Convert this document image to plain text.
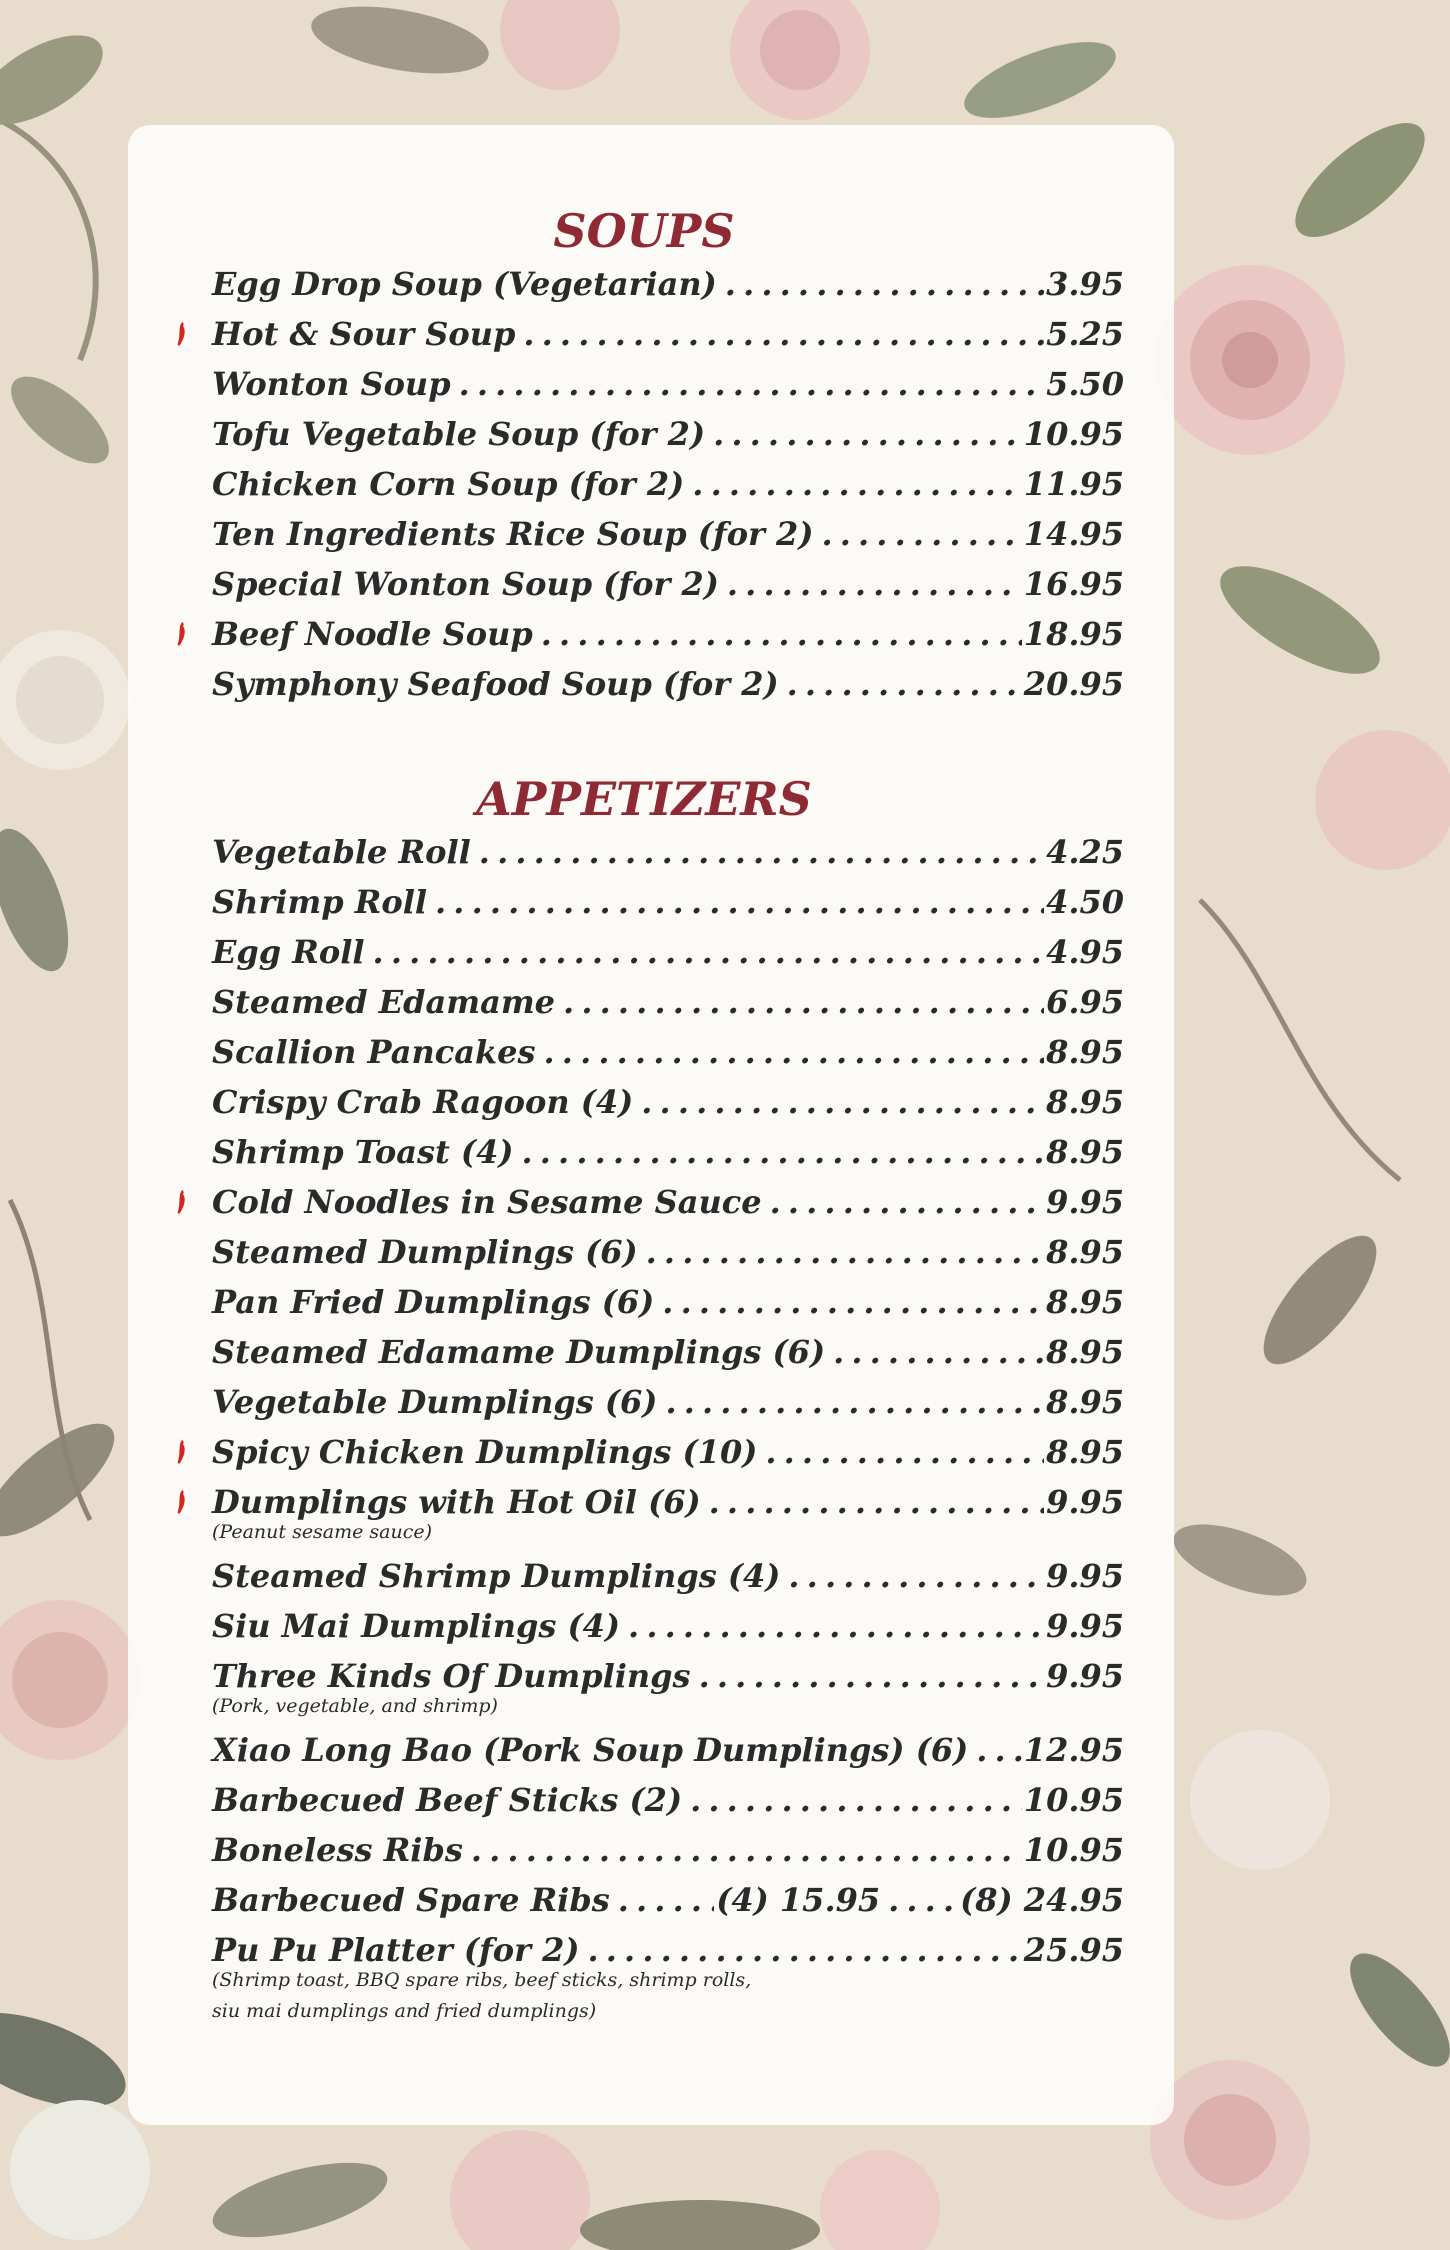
SOUPS
Egg Drop Soup (Vegetarian) . . .	3.95
Hot & Sour Soup . . .	5.25
Wonton Soup . . .	5.50
Tofu Vegetable Soup (for 2) . . .	10.95
Chicken Corn Soup (for 2) . . .	11.95
Ten Ingredients Rice Soup (for 2) . . .	14.95
Special Wonton Soup (for 2) . . .	16.95
Beef Noodle Soup . . .	18.95
Symphony Seafood Soup (for 2) . . .	20.95
APPETIZERS
Vegetable Roll . . .	4.25
Shrimp Roll . . .	4.50
Egg Roll . . .	4.95
Steamed Edamame . . .	6.95
Scallion Pancakes . . .	8.95
Crispy Crab Ragoon (4) . . .	8.95
Shrimp Toast (4) . . .	8.95
Cold Noodles in Sesame Sauce . . .	9.95
Steamed Dumplings (6) . . .	8.95
Pan Fried Dumplings (6) . . .	8.95
Steamed Edamame Dumplings (6) . . .	8.95
Vegetable Dumplings (6) . . .	8.95
Spicy Chicken Dumplings (10) . . .	8.95
Dumplings with Hot Oil (6) . . .	9.95
(Peanut sesame sauce)
Steamed Shrimp Dumplings (4) . . .	9.95
Siu Mai Dumplings (4) . . .	9.95
Three Kinds Of Dumplings . . .	9.95
(Pork, vegetable, and shrimp)
Xiao Long Bao (Pork Soup Dumplings) (6) . . . 12.95
Barbecued Beef Sticks (2) . . .	10.95
Boneless Ribs . . .	10.95
Barbecued Spare Ribs . . .	(4) 15.95 . . .	(8) 24.95
Pu Pu Platter (for 2) . . .	25.95
(Shrimp toast, BBQ spare ribs, beef sticks, shrimp rolls,
siu mai dumplings and fried dumplings)
